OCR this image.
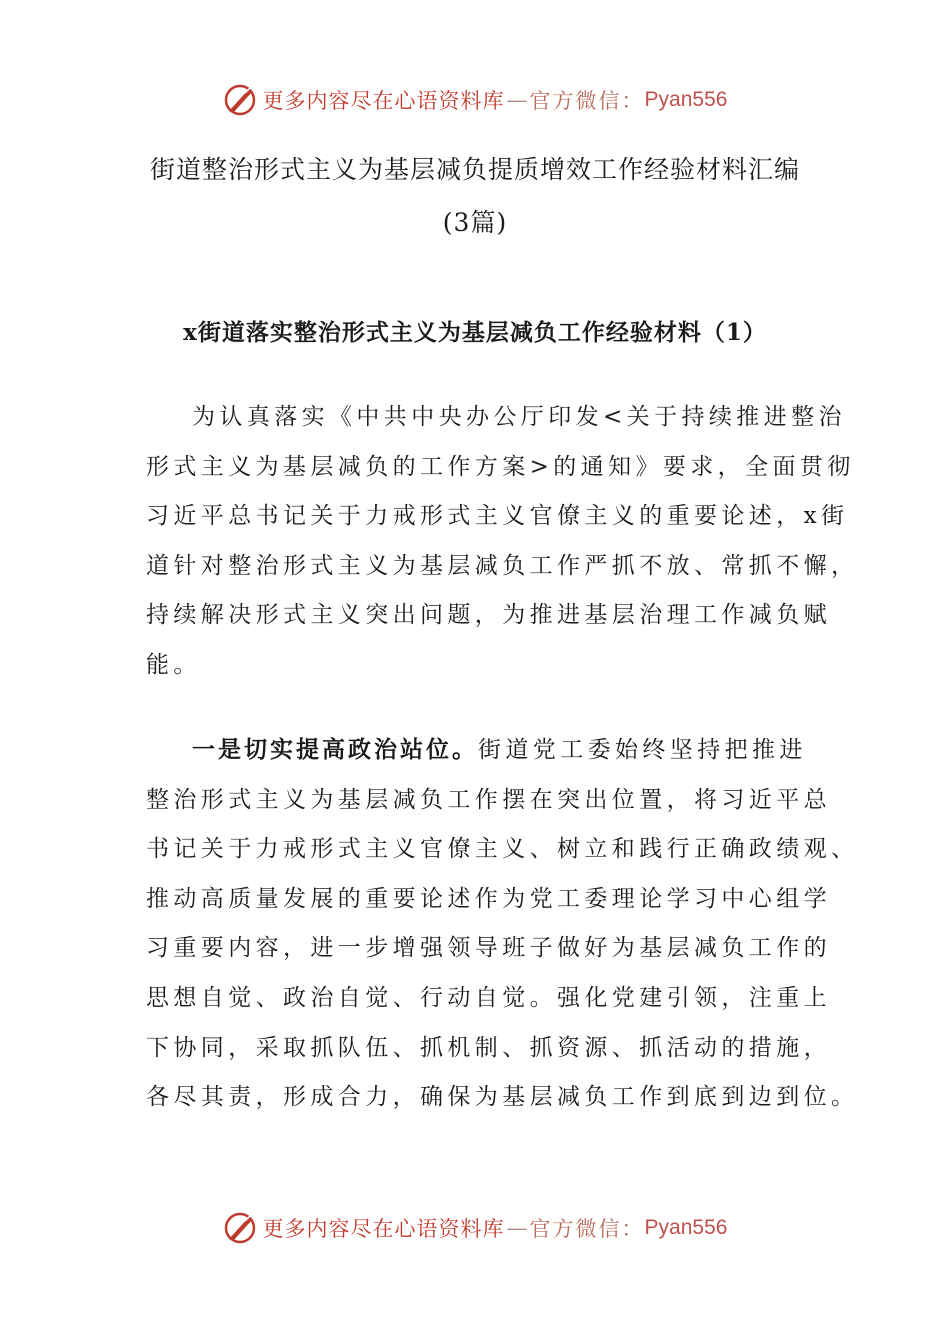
更多内容尽在心语资料库 — 官方微信： Pyan556
街道整治形式主义为基层减负提质增效工作经验材料汇编
(3篇)
x街道落实整治形式主义为基层减负工作经验材料（1）
为认真落实《中共中央办公厅印发<关于持续推进整治
形式主义为基层减负的工作方案>的通知》要求，全面贯彻
习近平总书记关于力戒形式主义官僚主义的重要论述，x街
道针对整治形式主义为基层减负工作严抓不放、常抓不懈，
持续解决形式主义突出问题，为推进基层治理工作减负赋
能。
一是切实提高政治站位。街道党工委始终坚持把推进
整治形式主义为基层减负工作摆在突出位置，将习近平总
书记关于力戒形式主义官僚主义、树立和践行正确政绩观、
推动高质量发展的重要论述作为党工委理论学习中心组学
习重要内容，进一步增强领导班子做好为基层减负工作的
思想自觉、政治自觉、行动自觉。强化党建引领，注重上
下协同，采取抓队伍、抓机制、抓资源、抓活动的措施，
各尽其责，形成合力，确保为基层减负工作到底到边到位。
更多内容尽在心语资料库 — 官方微信： Pyan556
